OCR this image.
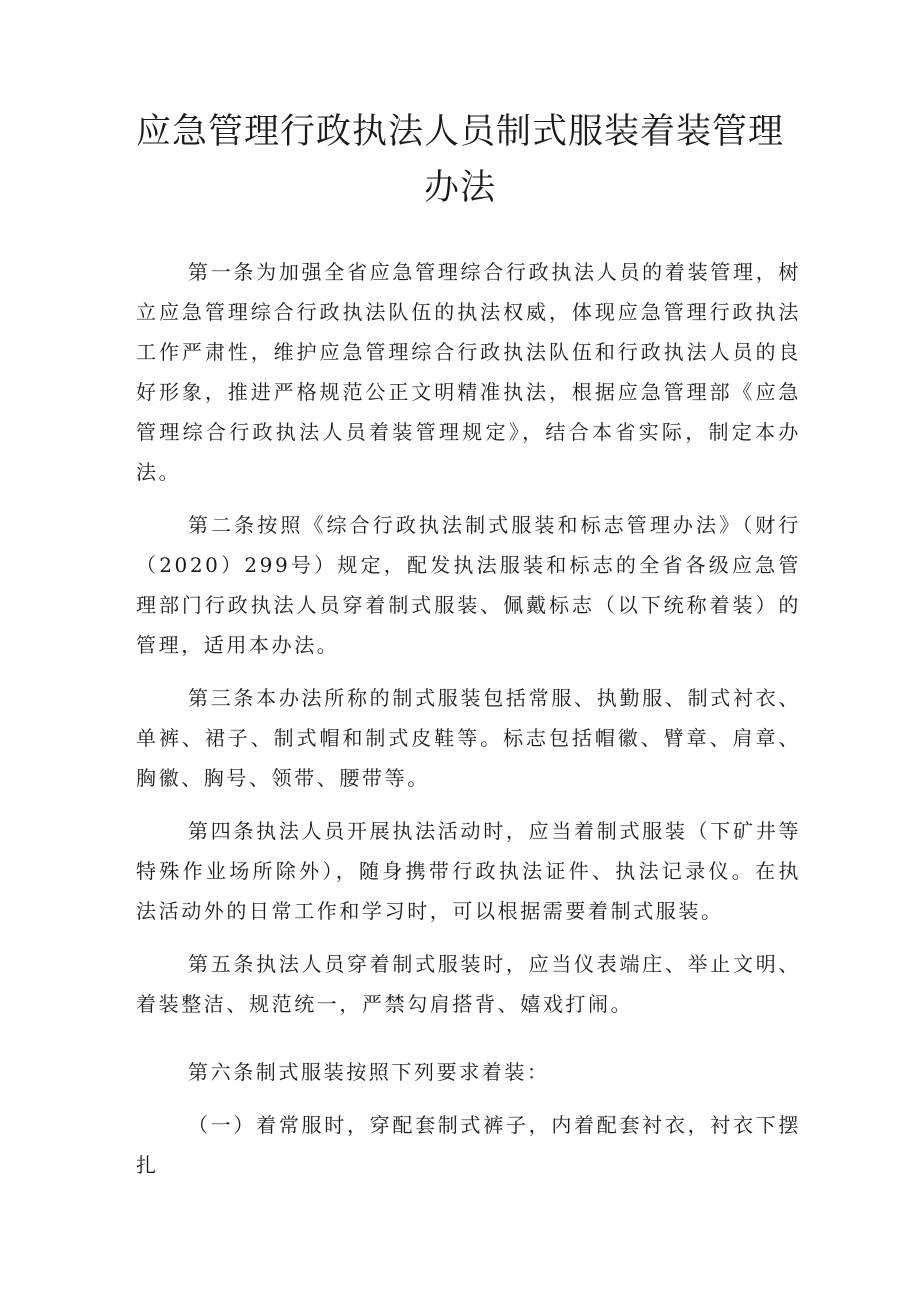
应急管理行政执法人员制式服装着装管理办法

第一条为加强全省应急管理综合行政执法人员的着装管理，树立应急管理综合行政执法队伍的执法权威，体现应急管理行政执法工作严肃性，维护应急管理综合行政执法队伍和行政执法人员的良好形象，推进严格规范公正文明精准执法，根据应急管理部《应急管理综合行政执法人员着装管理规定》，结合本省实际，制定本办法。

第二条按照《综合行政执法制式服装和标志管理办法》（财行（2020）299号）规定，配发执法服装和标志的全省各级应急管理部门行政执法人员穿着制式服装、佩戴标志（以下统称着装）的管理，适用本办法。

第三条本办法所称的制式服装包括常服、执勤服、制式衬衣、单裤、裙子、制式帽和制式皮鞋等。标志包括帽徽、臂章、肩章、胸徽、胸号、领带、腰带等。

第四条执法人员开展执法活动时，应当着制式服装（下矿井等特殊作业场所除外），随身携带行政执法证件、执法记录仪。在执法活动外的日常工作和学习时，可以根据需要着制式服装。

第五条执法人员穿着制式服装时，应当仪表端庄、举止文明、着装整洁、规范统一，严禁勾肩搭背、嬉戏打闹。

第六条制式服装按照下列要求着装：

（一）着常服时，穿配套制式裤子，内着配套衬衣，衬衣下摆扎
